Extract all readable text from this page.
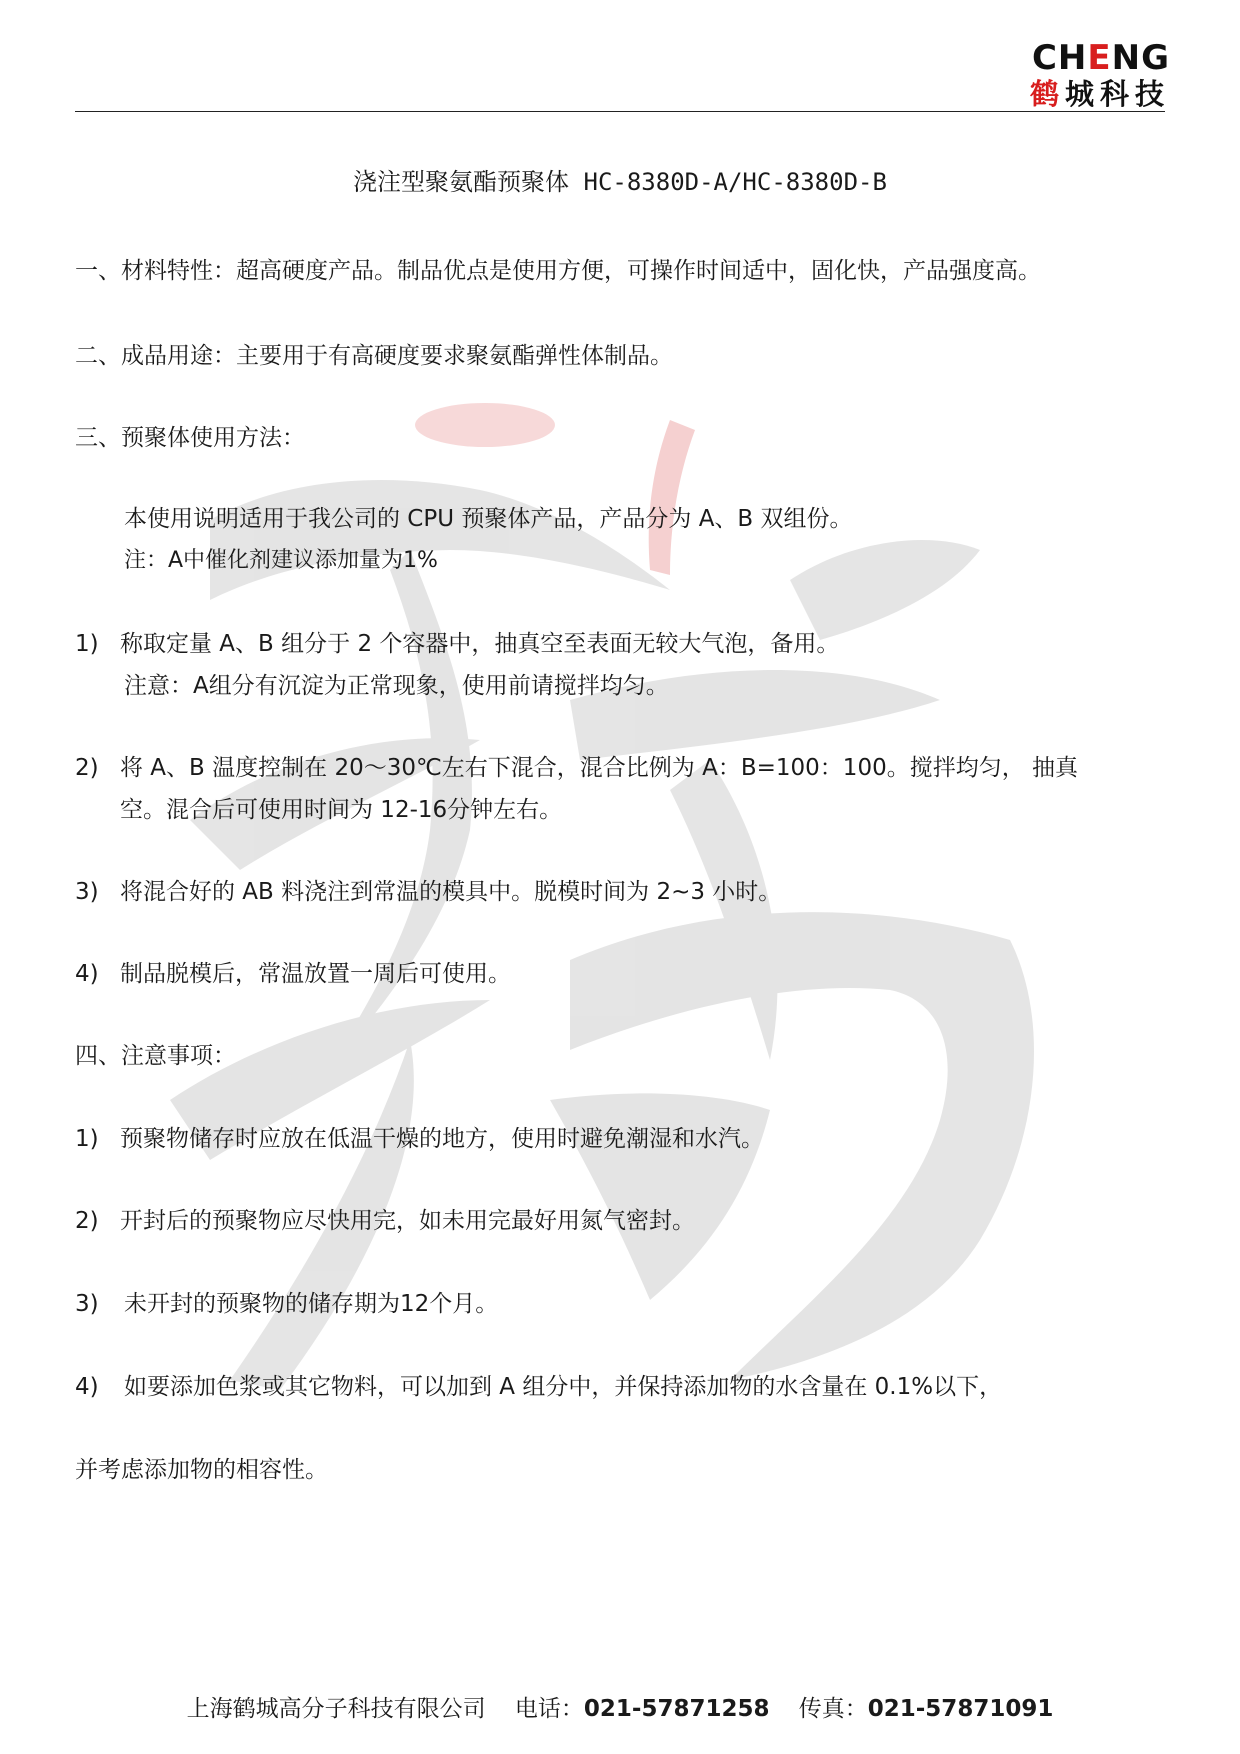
CHENG
鹤城科技
浇注型聚氨酯预聚体 HC-8380D-A/HC-8380D-B
一、材料特性：超高硬度产品。制品优点是使用方便，可操作时间适中，固化快，产品强度高。
二、成品用途：主要用于有高硬度要求聚氨酯弹性体制品。
三、预聚体使用方法：
本使用说明适用于我公司的 CPU 预聚体产品，产品分为 A、B 双组份。
注：A中催化剂建议添加量为1%
1) 称取定量 A、B 组分于 2 个容器中，抽真空至表面无较大气泡，备用。
注意：A组分有沉淀为正常现象，使用前请搅拌均匀。
2) 将 A、B 温度控制在 20～30℃左右下混合，混合比例为 A：B=100：100。搅拌均匀， 抽真
空。混合后可使用时间为 12-16分钟左右。
3) 将混合好的 AB 料浇注到常温的模具中。脱模时间为 2~3 小时。
4) 制品脱模后，常温放置一周后可使用。
四、注意事项：
1) 预聚物储存时应放在低温干燥的地方，使用时避免潮湿和水汽。
2) 开封后的预聚物应尽快用完，如未用完最好用氮气密封。
3) 未开封的预聚物的储存期为12个月。
4) 如要添加色浆或其它物料，可以加到 A 组分中，并保持添加物的水含量在 0.1%以下，
并考虑添加物的相容性。
上海鹤城高分子科技有限公司 电话：021-57871258 传真：021-57871091
